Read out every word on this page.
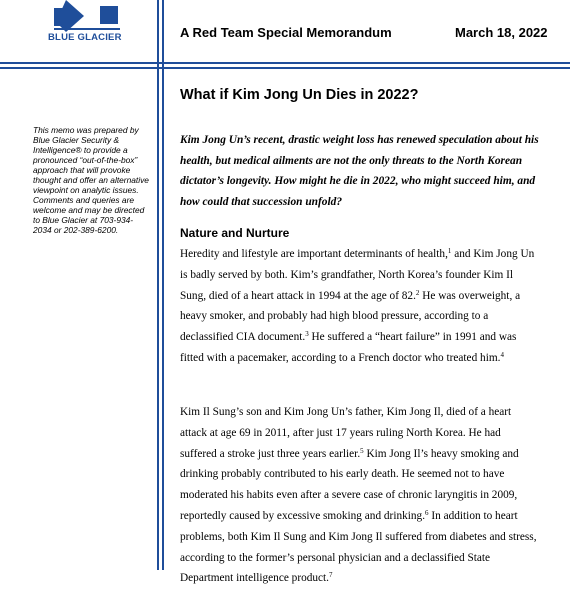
BLUE GLACIER	A Red Team Special Memorandum	March 18, 2022
What if Kim Jong Un Dies in 2022?
This memo was prepared by Blue Glacier Security & Intelligence® to provide a pronounced “out-of-the-box” approach that will provoke thought and offer an alternative viewpoint on analytic issues. Comments and queries are welcome and may be directed to Blue Glacier at 703-934-2034 or 202-389-6200.
Kim Jong Un’s recent, drastic weight loss has renewed speculation about his health, but medical ailments are not the only threats to the North Korean dictator’s longevity. How might he die in 2022, who might succeed him, and how could that succession unfold?
Nature and Nurture
Heredity and lifestyle are important determinants of health,$^1$ and Kim Jong Un is badly served by both. Kim’s grandfather, North Korea’s founder Kim Il Sung, died of a heart attack in 1994 at the age of 82.$^2$ He was overweight, a heavy smoker, and probably had high blood pressure, according to a declassified CIA document.$^3$ He suffered a “heart failure” in 1991 and was fitted with a pacemaker, according to a French doctor who treated him.$^4$
Kim Il Sung’s son and Kim Jong Un’s father, Kim Jong Il, died of a heart attack at age 69 in 2011, after just 17 years ruling North Korea. He had suffered a stroke just three years earlier.$^5$ Kim Jong Il’s heavy smoking and drinking probably contributed to his early death. He seemed not to have moderated his habits even after a severe case of chronic laryngitis in 2009, reportedly caused by excessive smoking and drinking.$^6$ In addition to heart problems, both Kim Il Sung and Kim Jong Il suffered from diabetes and stress, according to the former’s personal physician and a declassified State Department intelligence product.$^7$
